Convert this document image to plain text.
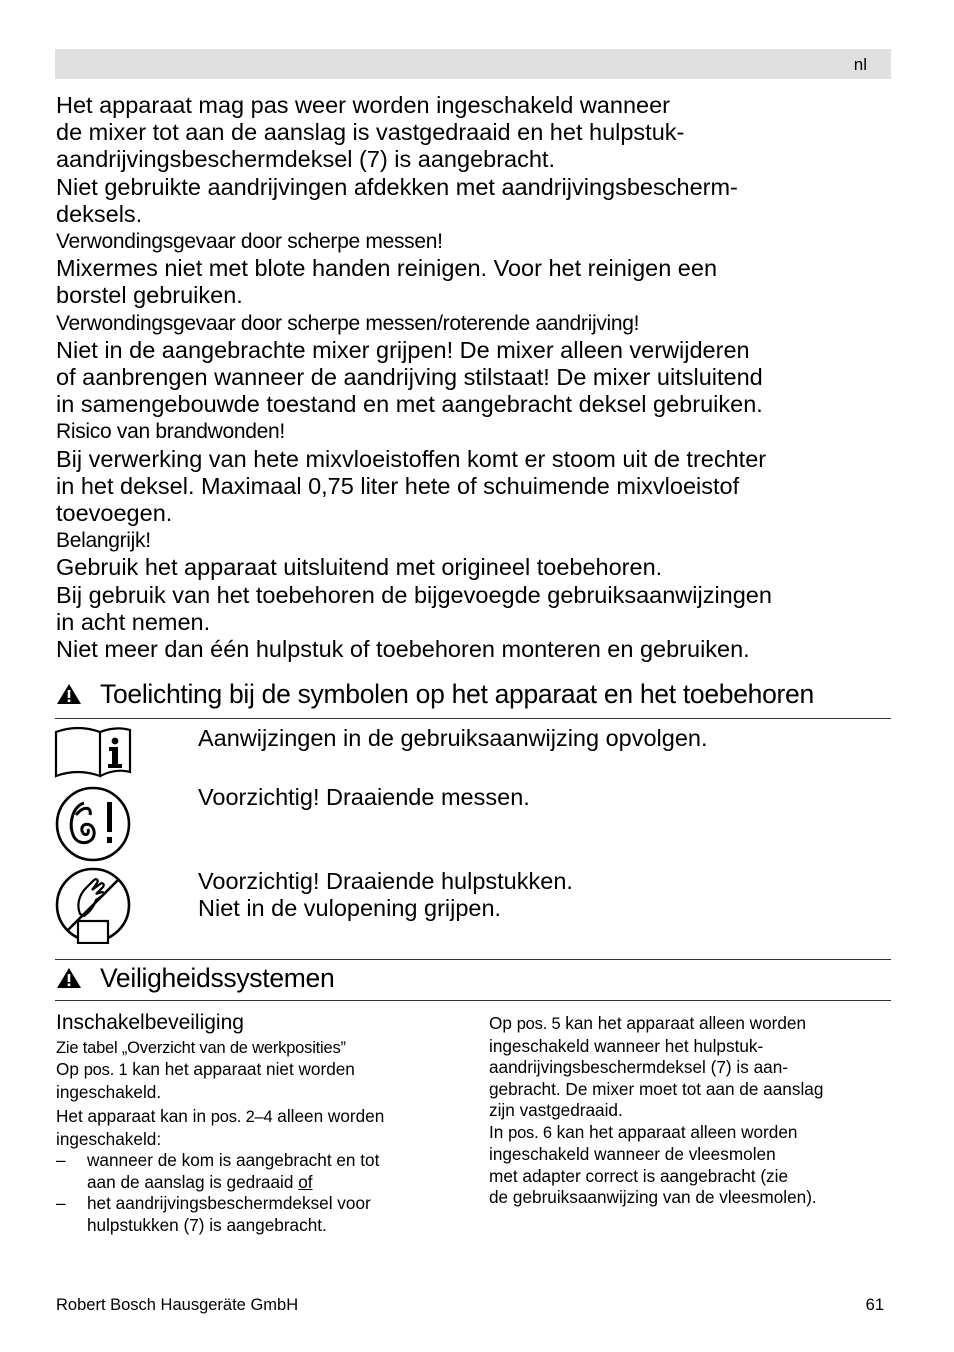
nl

Het apparaat mag pas weer worden ingeschakeld wanneer

de mixer tot aan de aanslag is vastgedraaid en het hulpstuk-

aandrijvingsbeschermdeksel (7) is aangebracht.

Niet gebruikte aandrijvingen afdekken met aandrijvingsbescherm-

deksels.

Verwondingsgevaar door scherpe messen!

Mixermes niet met blote handen reinigen. Voor het reinigen een

borstel gebruiken.

Verwondingsgevaar door scherpe messen/roterende aandrijving!

Niet in de aangebrachte mixer grijpen! De mixer alleen verwijderen

of aanbrengen wanneer de aandrijving stilstaat! De mixer uitsluitend

in samengebouwde toestand en met aangebracht deksel gebruiken.

Risico van brandwonden!

Bij verwerking van hete mixvloeistoffen komt er stoom uit de trechter

in het deksel. Maximaal 0,75 liter hete of schuimende mixvloeistof

toevoegen.

Belangrijk!

Gebruik het apparaat uitsluitend met origineel toebehoren.

Bij gebruik van het toebehoren de bijgevoegde gebruiksaanwijzingen

in acht nemen.

Niet meer dan één hulpstuk of toebehoren monteren en gebruiken.

Toelichting bij de symbolen op het apparaat en het toebehoren
Aanwijzingen in de gebruiksaanwijzing opvolgen.
Voorzichtig! Draaiende messen.
Voorzichtig! Draaiende hulpstukken.
Niet in de vulopening grijpen.
Veiligheidssystemen

Inschakelbeveiliging

Zie tabel „Overzicht van de werkposities”

Op pos. 1 kan het apparaat niet worden

ingeschakeld.

Het apparaat kan in pos. 2–4 alleen worden

ingeschakeld:

– wanneer de kom is aangebracht en tot
aan de aanslag is gedraaid of
– het aandrijvingsbeschermdeksel voor
hulpstukken (7) is aangebracht.

Op pos. 5 kan het apparaat alleen worden

ingeschakeld wanneer het hulpstuk-

aandrijvingsbeschermdeksel (7) is aan-

gebracht. De mixer moet tot aan de aanslag

zijn vastgedraaid.

In pos. 6 kan het apparaat alleen worden

ingeschakeld wanneer de vleesmolen

met adapter correct is aangebracht (zie

de gebruiksaanwijzing van de vleesmolen).

Robert Bosch Hausgeräte GmbH	61
